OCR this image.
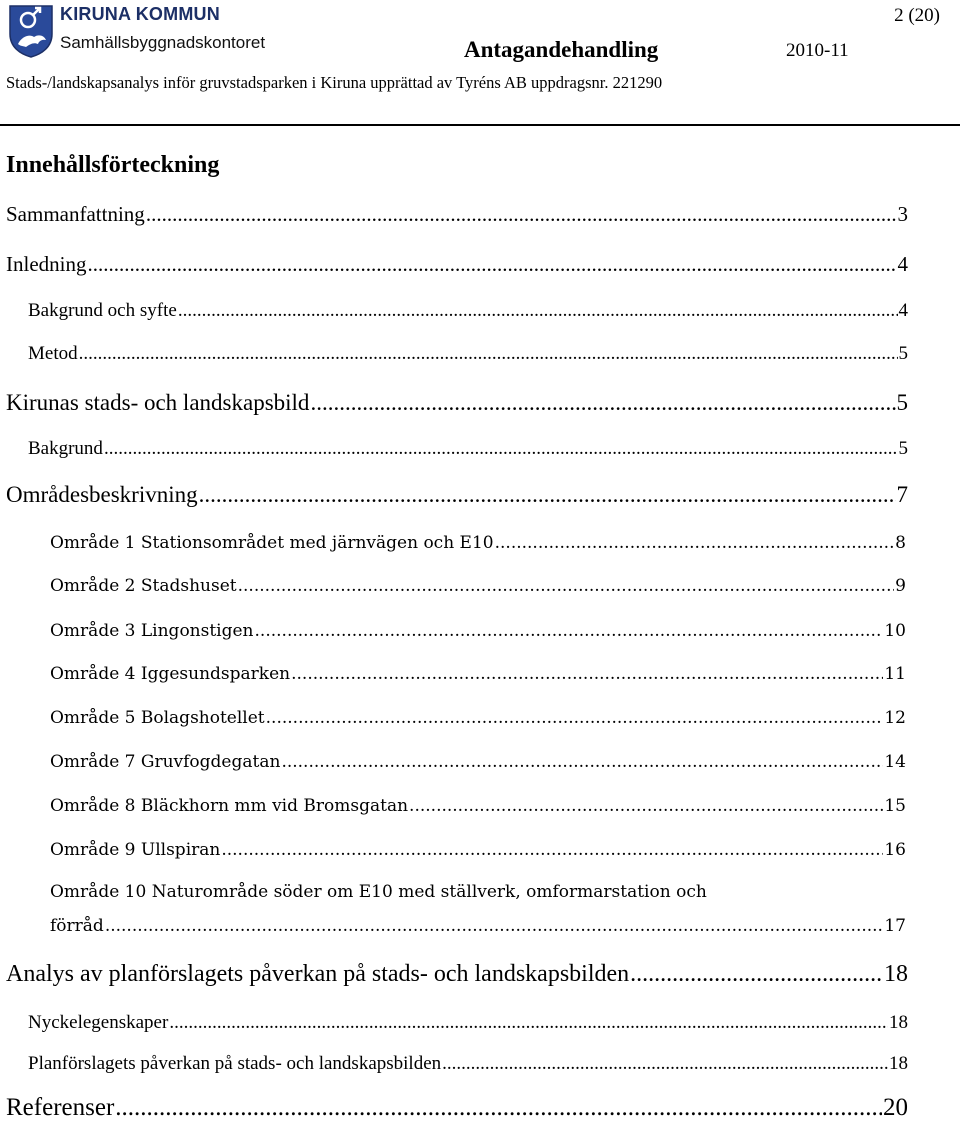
KIRUNA KOMMUN
Samhällsbyggnadskontoret
2 (20)
Antagandehandling	2010-11
Stads-/landskapsanalys inför gruvstadsparken i Kiruna upprättad av Tyréns AB uppdragsnr. 221290
Innehållsförteckning
Sammanfattning .....	3
Inledning .....	4
Bakgrund och syfte .....	4
Metod .....	5
Kirunas stads- och landskapsbild .....	5
Bakgrund .....	5
Områdesbeskrivning .....	7
Område 1 Stationsområdet med järnvägen och E10 .....	8
Område 2 Stadshuset .....	9
Område 3 Lingonstigen .....	10
Område 4 Iggesundsparken .....	11
Område 5 Bolagshotellet .....	12
Område 7 Gruvfogdegatan .....	14
Område 8 Bläckhorn mm vid Bromsgatan .....	15
Område 9 Ullspiran .....	16
Område 10 Naturområde söder om E10 med ställverk, omformarstation och
förråd .....	17
Analys av planförslagets påverkan på stads- och landskapsbilden .....	18
Nyckelegenskaper .....	18
Planförslagets påverkan på stads- och landskapsbilden .....	18
Referenser .....	20
